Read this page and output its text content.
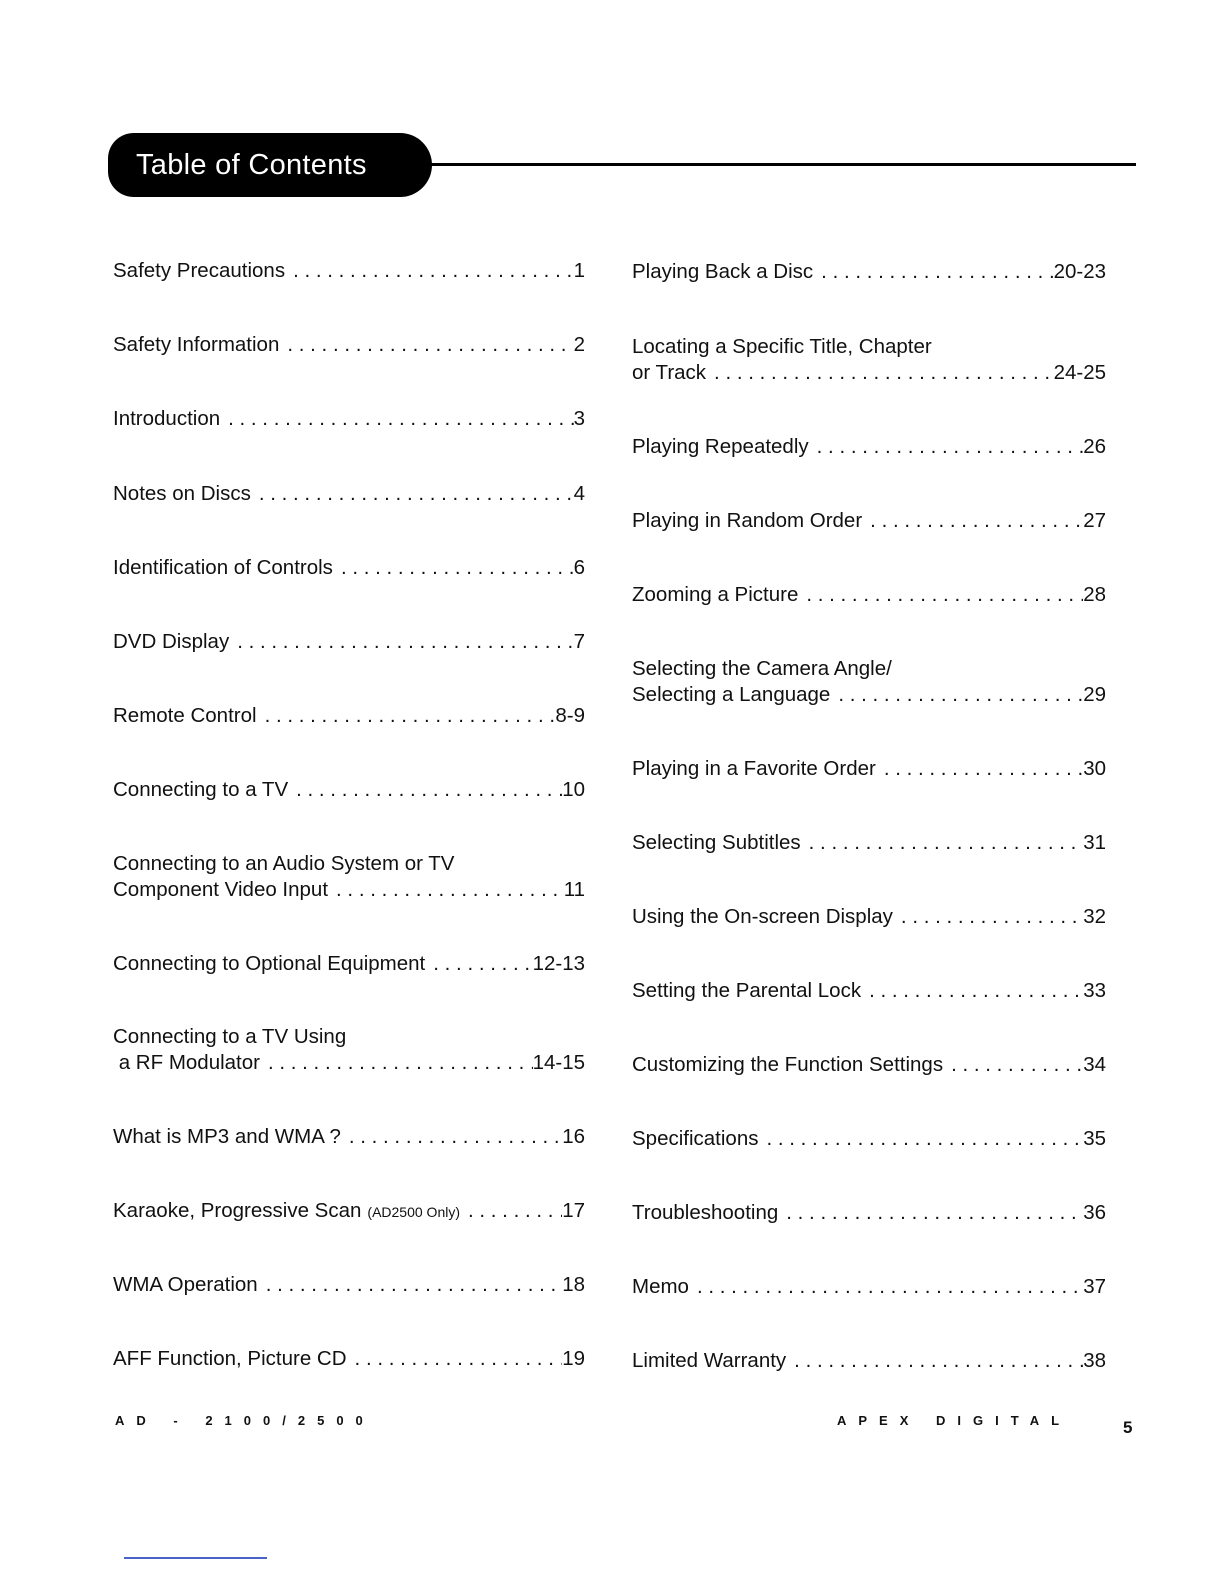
Table of Contents
Safety Precautions . . .	1
Safety Information . . .	2
Introduction . . .	3
Notes on Discs . . .	4
Identification of Controls . . .	6
DVD Display . . .	7
Remote Control . . .	8-9
Connecting to a TV . . .	10
Connecting to an Audio System or TV
Component Video Input . . .	11
Connecting to Optional Equipment . . .	12-13
Connecting to a TV Using
a RF Modulator . . .	14-15
What is MP3 and WMA ? . . .	16
Karaoke, Progressive Scan (AD2500 Only) . . .	17
WMA Operation . . .	18
AFF Function, Picture CD . . .	19
Playing Back a Disc . . .	20-23
Locating a Specific Title, Chapter
or Track . . .	24-25
Playing Repeatedly . . .	26
Playing in Random Order . . .	27
Zooming a Picture . . .	28
Selecting the Camera Angle/
Selecting a Language . . .	29
Playing in a Favorite Order . . .	30
Selecting Subtitles . . .	31
Using the On-screen Display . . .	32
Setting the Parental Lock . . .	33
Customizing the Function Settings . . .	34
Specifications . . .	35
Troubleshooting . . .	36
Memo . . .	37
Limited Warranty . . .	38
AD - 2100/2500	APEX DIGITAL	5
